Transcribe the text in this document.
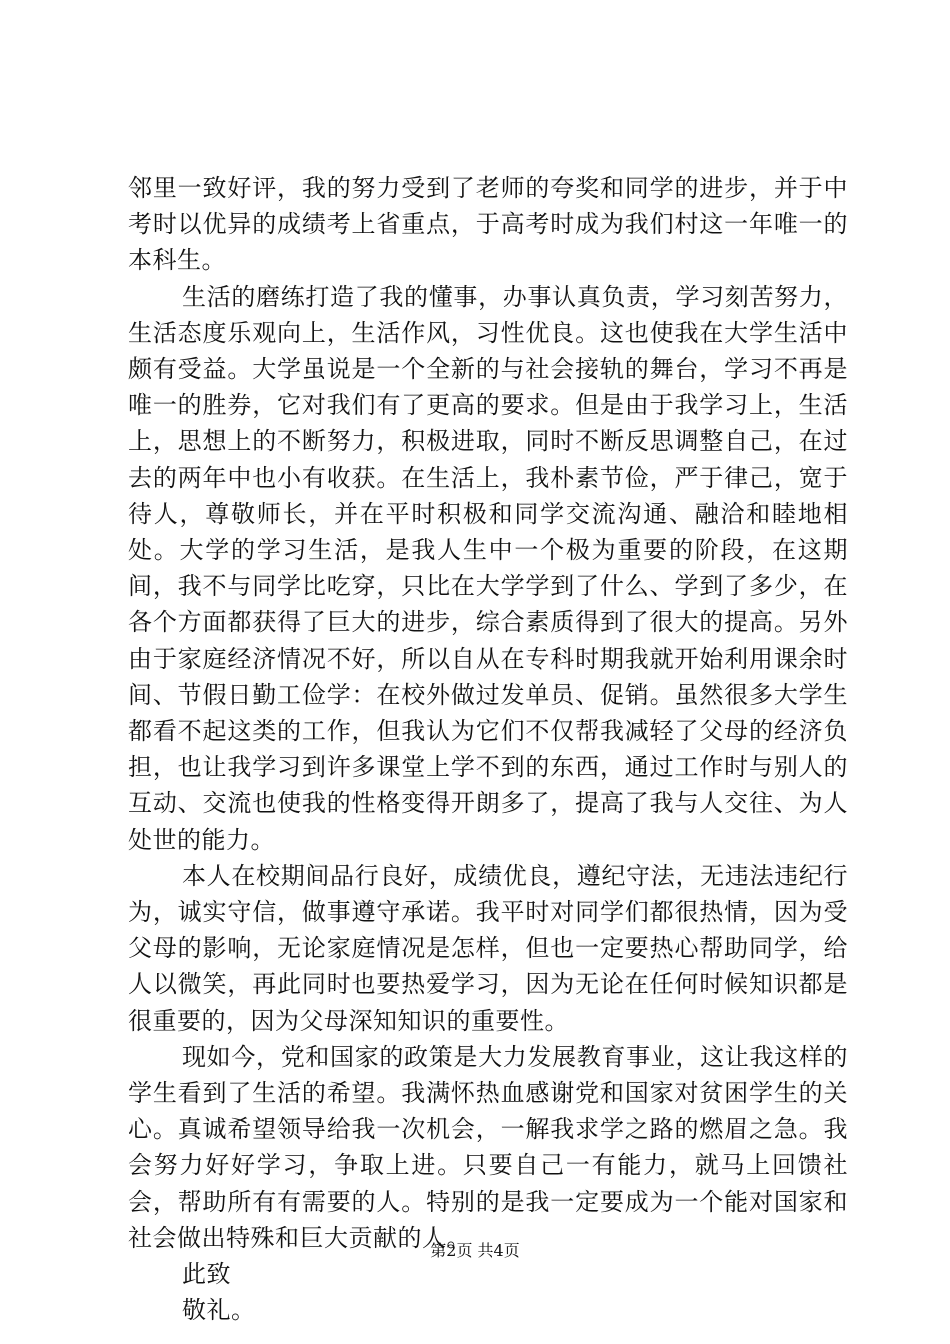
邻里一致好评，我的努力受到了老师的夸奖和同学的进步，并于中考时以优异的成绩考上省重点，于高考时成为我们村这一年唯一的本科生。

生活的磨练打造了我的懂事，办事认真负责，学习刻苦努力，生活态度乐观向上，生活作风，习性优良。这也使我在大学生活中颇有受益。大学虽说是一个全新的与社会接轨的舞台，学习不再是唯一的胜券，它对我们有了更高的要求。但是由于我学习上，生活上，思想上的不断努力，积极进取，同时不断反思调整自己，在过去的两年中也小有收获。在生活上，我朴素节俭，严于律己，宽于待人，尊敬师长，并在平时积极和同学交流沟通、融洽和睦地相处。大学的学习生活，是我人生中一个极为重要的阶段，在这期间，我不与同学比吃穿，只比在大学学到了什么、学到了多少，在各个方面都获得了巨大的进步，综合素质得到了很大的提高。另外由于家庭经济情况不好，所以自从在专科时期我就开始利用课余时间、节假日勤工俭学：在校外做过发单员、促销。虽然很多大学生都看不起这类的工作，但我认为它们不仅帮我减轻了父母的经济负担，也让我学习到许多课堂上学不到的东西，通过工作时与别人的互动、交流也使我的性格变得开朗多了，提高了我与人交往、为人处世的能力。

本人在校期间品行良好，成绩优良，遵纪守法，无违法违纪行为，诚实守信，做事遵守承诺。我平时对同学们都很热情，因为受父母的影响，无论家庭情况是怎样，但也一定要热心帮助同学，给人以微笑，再此同时也要热爱学习，因为无论在任何时候知识都是很重要的，因为父母深知知识的重要性。

现如今，党和国家的政策是大力发展教育事业，这让我这样的学生看到了生活的希望。我满怀热血感谢党和国家对贫困学生的关心。真诚希望领导给我一次机会，一解我求学之路的燃眉之急。我会努力好好学习，争取上进。只要自己一有能力，就马上回馈社会，帮助所有有需要的人。特别的是我一定要成为一个能对国家和社会做出特殊和巨大贡献的人。

此致

敬礼。

第2页 共4页
